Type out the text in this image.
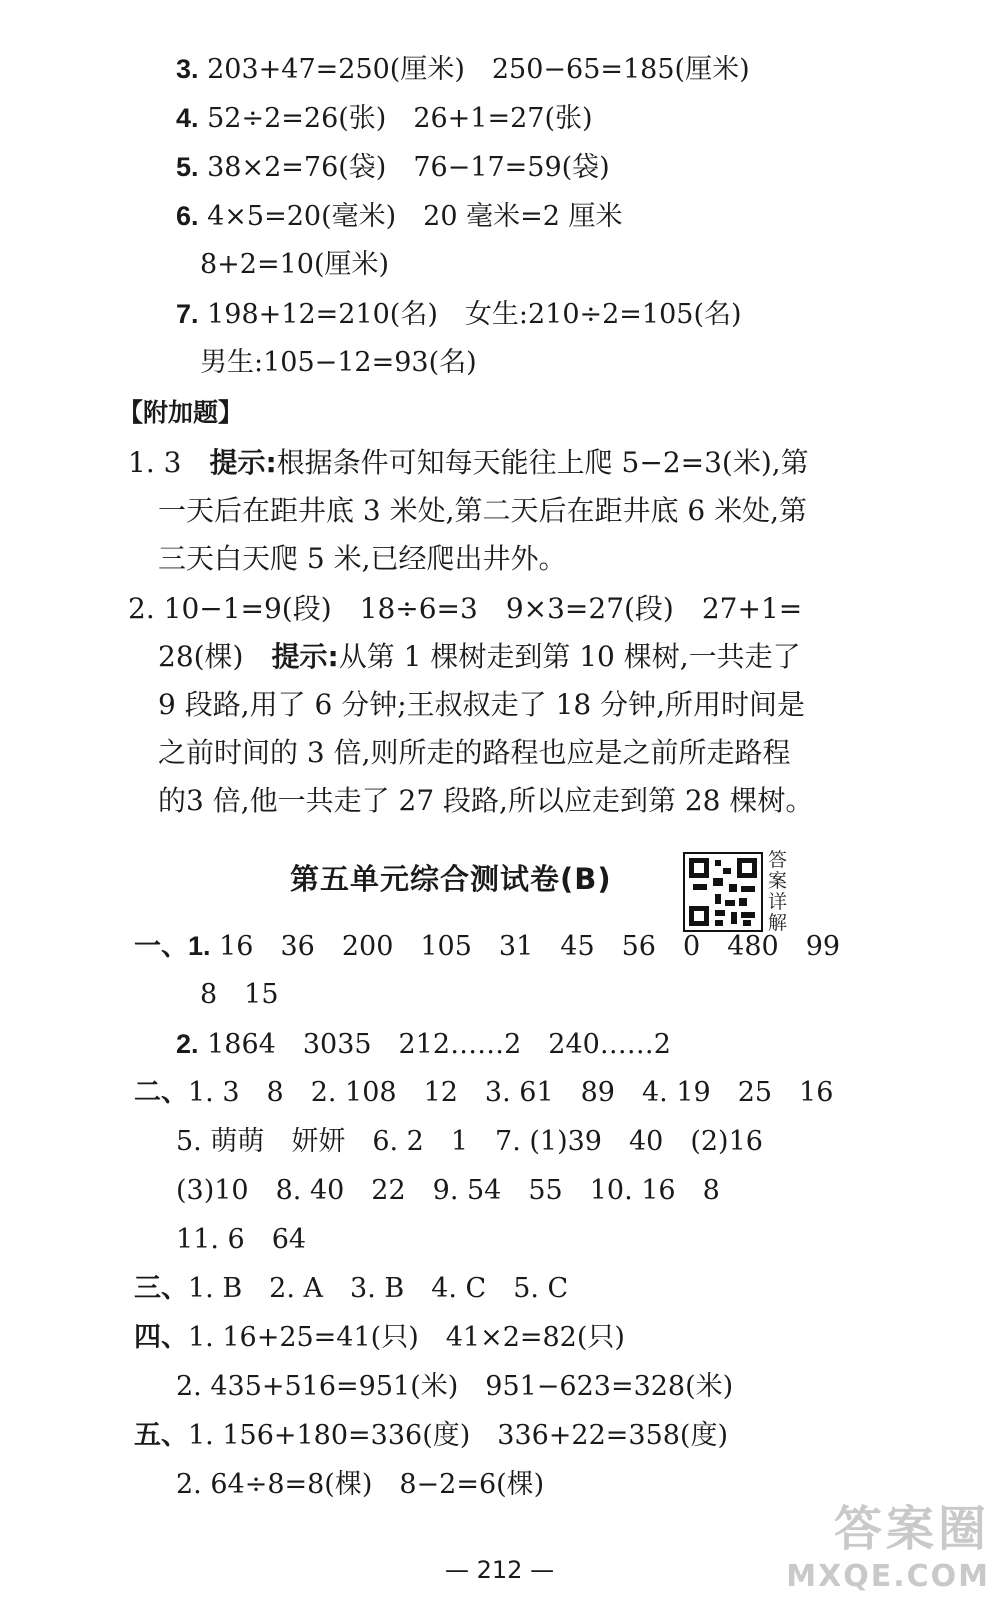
3. 203+47=250(厘米)　250−65=185(厘米)
4. 52÷2=26(张)　26+1=27(张)
5. 38×2=76(袋)　76−17=59(袋)
6. 4×5=20(毫米)　20 毫米=2 厘米
8+2=10(厘米)
7. 198+12=210(名)　女生:210÷2=105(名)
男生:105−12=93(名)
【附加题】
1. 3　 提示:根据条件可知每天能往上爬 5−2=3(米),第
一天后在距井底 3 米处,第二天后在距井底 6 米处,第
三天白天爬 5 米,已经爬出井外。
2. 10−1=9(段)　18÷6=3　9×3=27(段)　27+1=
28(棵)　 提示:从第 1 棵树走到第 10 棵树,一共走了
9 段路,用了 6 分钟;王叔叔走了 18 分钟,所用时间是
之前时间的 3 倍,则所走的路程也应是之前所走路程
的3 倍,他一共走了 27 段路,所以应走到第 28 棵树。
第五单元综合测试卷(B)
答
案
详
解
一、1. 16　36　200　105　31　45　56　0　480　99
8　15
2. 1864　3035　212……2　240……2
二、1. 3　8　2. 108　12　3. 61　89　4. 19　25　16
5. 萌萌　妍妍　6. 2　1　7. (1)39　40　(2)16
(3)10　8. 40　22　9. 54　55　10. 16　8
11. 6　64
三、1. B　2. A　3. B　4. C　5. C
四、1. 16+25=41(只)　41×2=82(只)
2. 435+516=951(米)　951−623=328(米)
五、1. 156+180=336(度)　336+22=358(度)
2. 64÷8=8(棵)　8−2=6(棵)
— 212 —
答案圈
MXQE.COM
